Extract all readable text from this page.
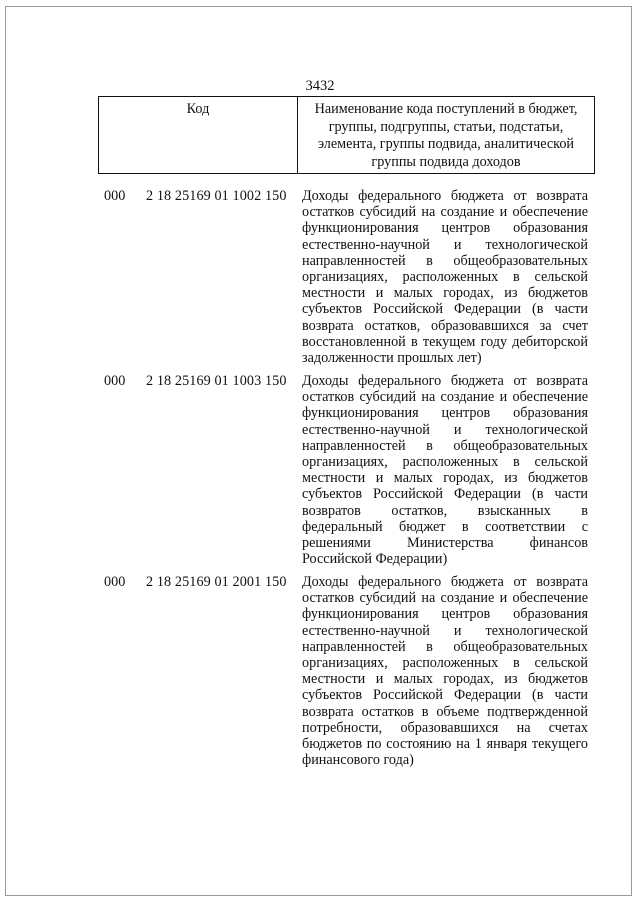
3432
Код	Наименование кода поступлений в бюджет, группы, подгруппы, статьи, подстатьи, элемента, группы подвида, аналитической группы подвида доходов
000 2 18 25169 01 1002 150 Доходы федерального бюджета от возврата остатков субсидий на создание и обеспечение функционирования центров образования естественно-научной и технологической направленностей в общеобразовательных организациях, расположенных в сельской местности и малых городах, из бюджетов субъектов Российской Федерации (в части возврата остатков, образовавшихся за счет восстановленной в текущем году дебиторской задолженности прошлых лет)
000 2 18 25169 01 1003 150 Доходы федерального бюджета от возврата остатков субсидий на создание и обеспечение функционирования центров образования естественно-научной и технологической направленностей в общеобразовательных организациях, расположенных в сельской местности и малых городах, из бюджетов субъектов Российской Федерации (в части возвратов остатков, взысканных в федеральный бюджет в соответствии с решениями Министерства финансов Российской Федерации)
000 2 18 25169 01 2001 150 Доходы федерального бюджета от возврата остатков субсидий на создание и обеспечение функционирования центров образования естественно-научной и технологической направленностей в общеобразовательных организациях, расположенных в сельской местности и малых городах, из бюджетов субъектов Российской Федерации (в части возврата остатков в объеме подтвержденной потребности, образовавшихся на счетах бюджетов по состоянию на 1 января текущего финансового года)
